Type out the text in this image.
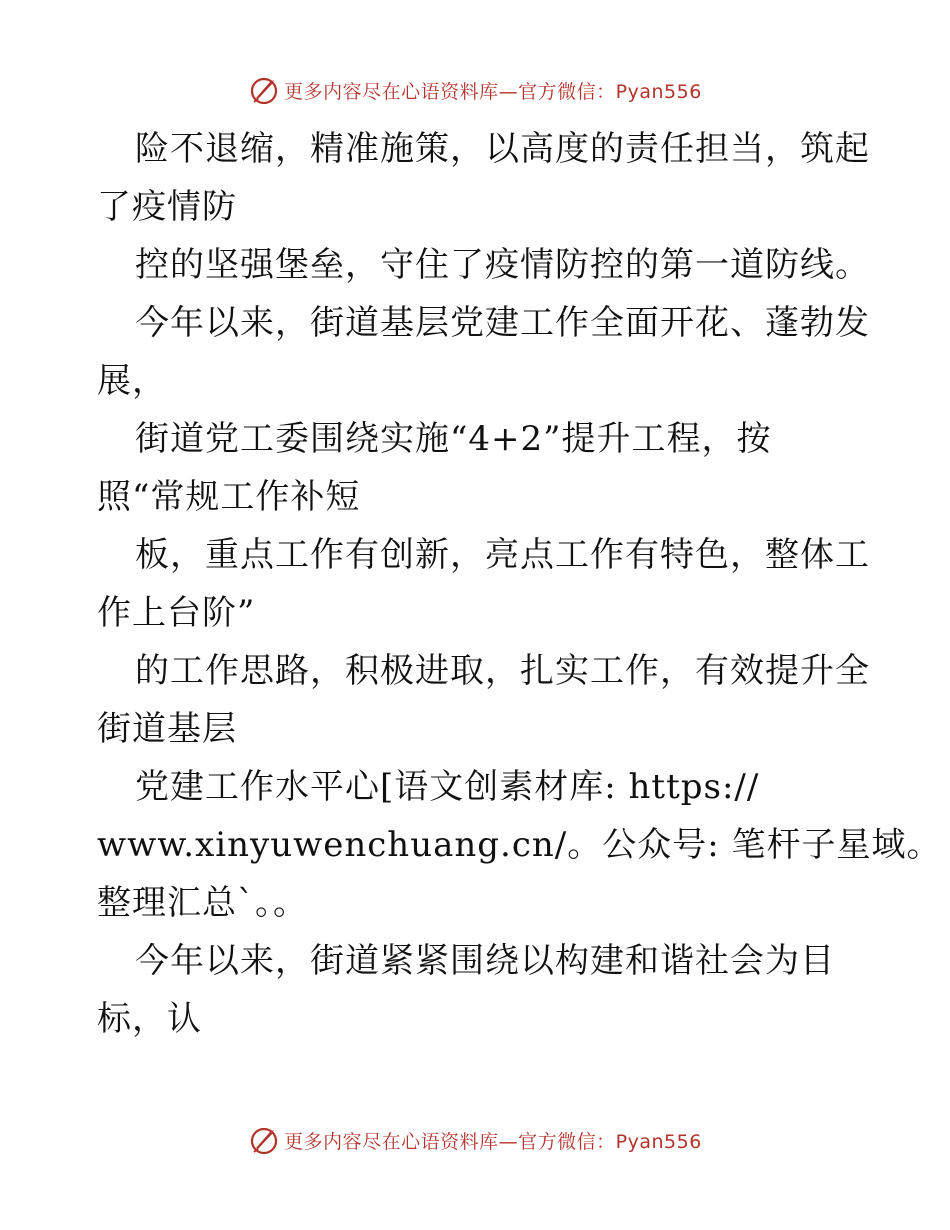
更多内容尽在心语资料库—官方微信：Pyan556
险不退缩，精准施策，以高度的责任担当，筑起
了疫情防
控的坚强堡垒，守住了疫情防控的第一道防线。
今年以来，街道基层党建工作全面开花、蓬勃发
展，
街道党工委围绕实施“4+2”提升工程，按
照“常规工作补短
板，重点工作有创新，亮点工作有特色，整体工
作上台阶”
的工作思路，积极进取，扎实工作，有效提升全
街道基层
党建工作水平心[语文创素材库: https://
www.xinyuwenchuang.cn/。公众号: 笔杆子星域。
整理汇总`。。
今年以来，街道紧紧围绕以构建和谐社会为目
标，认
更多内容尽在心语资料库—官方微信：Pyan556
